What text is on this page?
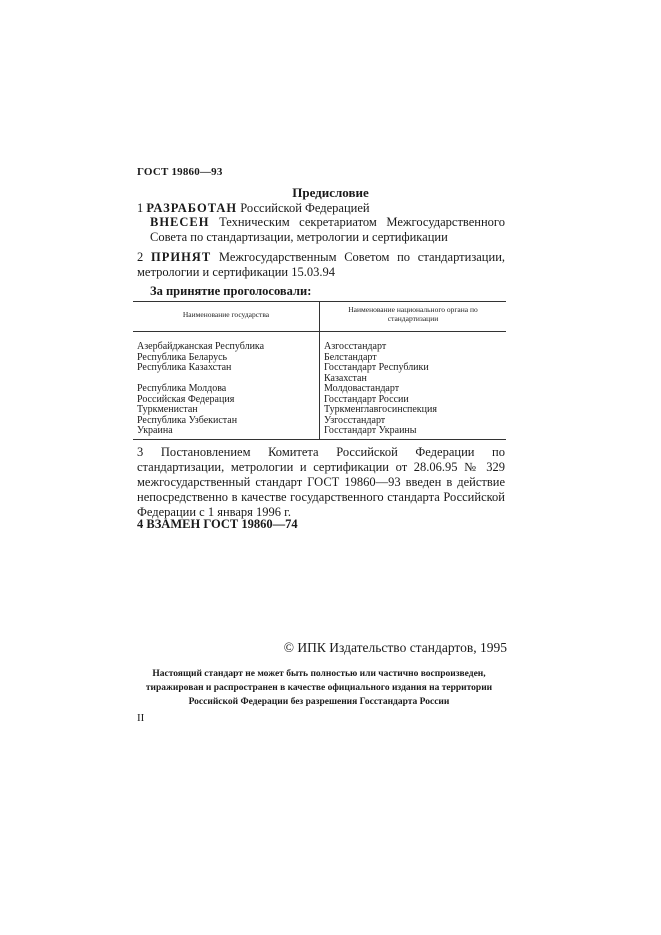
ГОСТ 19860—93
Предисловие
1 РАЗРАБОТАН Российской Федерацией
ВНЕСЕН Техническим секретариатом Межгосударственного Совета по стандартизации, метрологии и сертификации
2 ПРИНЯТ Межгосударственным Советом по стандартизации, метрологии и сертификации 15.03.94
За принятие проголосовали:
Наименование государства	Наименование национального органа по стандартизации
Азербайджанская Республика	Азгосстандарт
Республика Беларусь	Белстандарт
Республика Казахстан	Госстандарт Республики
	Казахстан
Республика Молдова	Молдовастандарт
Российская Федерация	Госстандарт России
Туркменистан	Туркменглавгосинспекция
Республика Узбекистан	Узгосстандарт
Украина	Госстандарт Украины
3 Постановлением Комитета Российской Федерации по стандартизации, метрологии и сертификации от 28.06.95 № 329 межгосударственный стандарт ГОСТ 19860—93 введен в действие непосредственно в качестве государственного стандарта Российской Федерации с 1 января 1996 г.
4 ВЗАМЕН ГОСТ 19860—74
© ИПК Издательство стандартов, 1995
Настоящий стандарт не может быть полностью или частично воспроизведен, тиражирован и распространен в качестве официального издания на территории Российской Федерации без разрешения Госстандарта России
II
